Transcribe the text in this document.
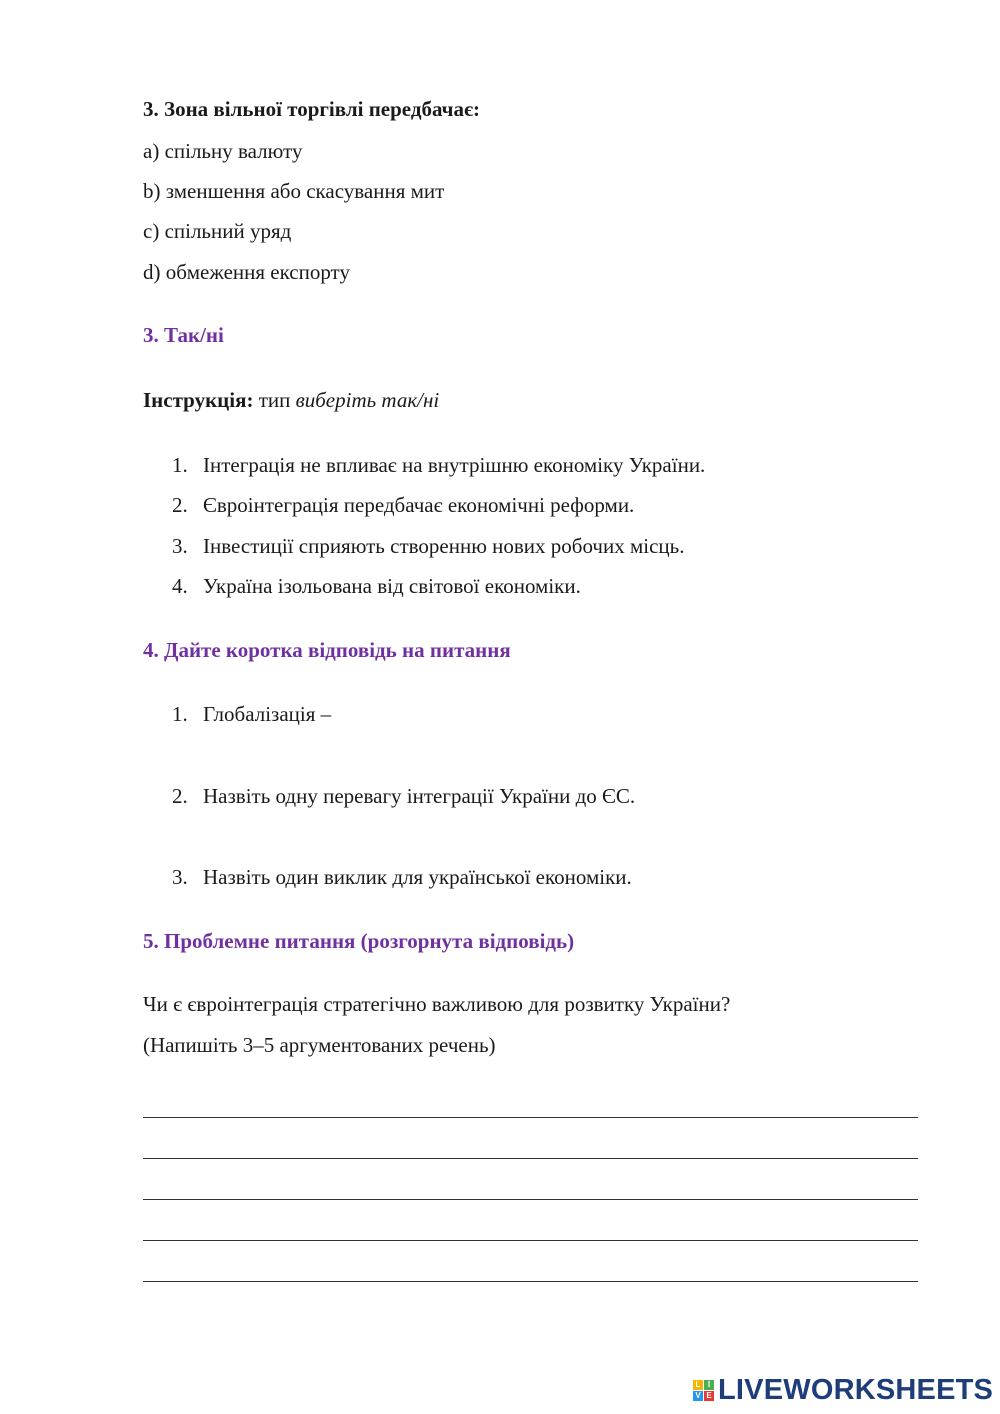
3. Зона вільної торгівлі передбачає:
a) спільну валюту
b) зменшення або скасування мит
c) спільний уряд
d) обмеження експорту
3. Так/ні
Інструкція: тип виберіть так/ні
1. Інтеграція не впливає на внутрішню економіку України.
2. Євроінтеграція передбачає економічні реформи.
3. Інвестиції сприяють створенню нових робочих місць.
4. Україна ізольована від світової економіки.
4. Дайте коротка відповідь на питання
1. Глобалізація –
2. Назвіть одну перевагу інтеграції України до ЄС.
3. Назвіть один виклик для української економіки.
5. Проблемне питання (розгорнута відповідь)
Чи є євроінтеграція стратегічно важливою для розвитку України?
(Напишіть 3–5 аргументованих речень)
L I
V E LIVEWORKSHEETS
